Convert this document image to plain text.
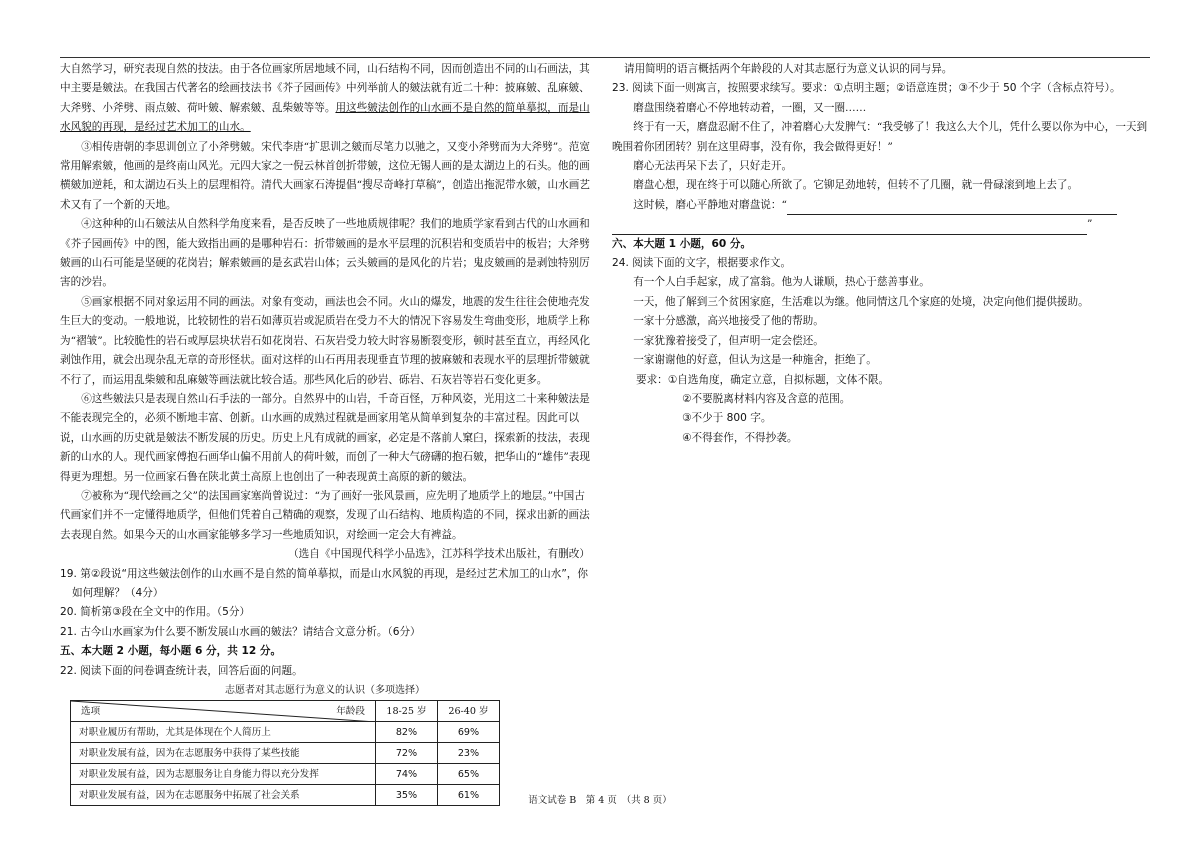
大自然学习，研究表现自然的技法。由于各位画家所居地域不同，山石结构不同，因而创造出不同的山石画法，其中主要是皴法。在我国古代著名的绘画技法书《芥子园画传》中列举前人的皴法就有近二十种：披麻皴、乱麻皴、大斧劈、小斧劈、雨点皴、荷叶皴、解索皴、乱柴皴等等。用这些皴法创作的山水画不是自然的简单摹拟，而是山水风貌的再现，是经过艺术加工的山水。

③相传唐朝的李思训创立了小斧劈皴。宋代李唐“扩思训之皴而尽笔力以驰之，又变小斧劈而为大斧劈”。范宽常用解索皴，他画的是终南山风光。元四大家之一倪云林首创折带皴，这位无锡人画的是太湖边上的石头。他的画横皴加逆耗，和太湖边石头上的层理相符。清代大画家石涛提倡“搜尽奇峰打草稿”，创造出拖泥带水皴，山水画艺术又有了一个新的天地。

④这种种的山石皴法从自然科学角度来看，是否反映了一些地质规律呢？我们的地质学家看到古代的山水画和《芥子园画传》中的图，能大致指出画的是哪种岩石：折带皴画的是水平层理的沉积岩和变质岩中的板岩；大斧劈皴画的山石可能是坚硬的花岗岩；解索皴画的是玄武岩山体；云头皴画的是风化的片岩；鬼皮皴画的是剥蚀特别厉害的沙岩。

⑤画家根据不同对象运用不同的画法。对象有变动，画法也会不同。火山的爆发，地震的发生往往会使地壳发生巨大的变动。一般地说，比较韧性的岩石如薄页岩或泥质岩在受力不大的情况下容易发生弯曲变形，地质学上称为“褶皱”。比较脆性的岩石或厚层块状岩石如花岗岩、石灰岩受力较大时容易断裂变形，顿时甚至直立，再经风化剥蚀作用，就会出现杂乱无章的奇形怪状。面对这样的山石再用表现垂直节理的披麻皴和表现水平的层理折带皴就不行了，而运用乱柴皴和乱麻皴等画法就比较合适。那些风化后的砂岩、砾岩、石灰岩等岩石变化更多。

⑥这些皴法只是表现自然山石手法的一部分。自然界中的山岩，千奇百怪，万种风姿，光用这二十来种皴法是不能表现完全的，必须不断地丰富、创新。山水画的成熟过程就是画家用笔从简单到复杂的丰富过程。因此可以说，山水画的历史就是皴法不断发展的历史。历史上凡有成就的画家，必定是不落前人窠臼，探索新的技法，表现新的山水的人。现代画家傅抱石画华山偏不用前人的荷叶皴，而创了一种大气磅礴的抱石皴，把华山的“雄伟”表现得更为理想。另一位画家石鲁在陕北黄土高原上也创出了一种表现黄土高原的新的皴法。

⑦被称为“现代绘画之父”的法国画家塞尚曾说过：“为了画好一张风景画，应先明了地质学上的地层。”中国古代画家们并不一定懂得地质学，但他们凭着自己精确的观察，发现了山石结构、地质构造的不同，探求出新的画法去表现自然。如果今天的山水画家能够多学习一些地质知识，对绘画一定会大有裨益。

（选自《中国现代科学小品选》，江苏科学技术出版社，有删改）

19. 第②段说“用这些皴法创作的山水画不是自然的简单摹拟，而是山水风貌的再现，是经过艺术加工的山水”，你

如何理解？（4分）

20. 简析第③段在全文中的作用。（5分）

21. 古今山水画家为什么要不断发展山水画的皴法？请结合文意分析。（6分）

五、本大题 2 小题，每小题 6 分，共 12 分。

22. 阅读下面的问卷调查统计表，回答后面的问题。

志愿者对其志愿行为意义的认识（多项选择）

选项 年龄段	18-25 岁	26-40 岁
对职业履历有帮助，尤其是体现在个人简历上	82%	69%
对职业发展有益，因为在志愿服务中获得了某些技能	72%	23%
对职业发展有益，因为志愿服务让自身能力得以充分发挥	74%	65%
对职业发展有益，因为在志愿服务中拓展了社会关系	35%	61%

请用简明的语言概括两个年龄段的人对其志愿行为意义认识的同与异。

23. 阅读下面一则寓言，按照要求续写。要求：①点明主题；②语意连贯；③不少于 50 个字（含标点符号）。

磨盘围绕着磨心不停地转动着，一圈，又一圈……

终于有一天，磨盘忍耐不住了，冲着磨心大发脾气：“我受够了！我这么大个儿，凭什么要以你为中心，一天到晚围着你团团转？别在这里碍事，没有你，我会做得更好！”

磨心无法再呆下去了，只好走开。

磨盘心想，现在终于可以随心所欲了。它铆足劲地转，但转不了几圈，就一骨碌滚到地上去了。

这时候，磨心平静地对磨盘说：“

”

六、本大题 1 小题，60 分。

24. 阅读下面的文字，根据要求作文。

有一个人白手起家，成了富翁。他为人谦顺，热心于慈善事业。

一天，他了解到三个贫困家庭，生活难以为继。他同情这几个家庭的处境，决定向他们提供援助。

一家十分感激，高兴地接受了他的帮助。

一家犹豫着接受了，但声明一定会偿还。

一家谢谢他的好意，但认为这是一种施舍，拒绝了。

要求：①自选角度，确定立意，自拟标题，文体不限。

②不要脱离材料内容及含意的范围。

③不少于 800 字。

④不得套作，不得抄袭。

语文试卷 B　第 4 页　（共 8 页）
